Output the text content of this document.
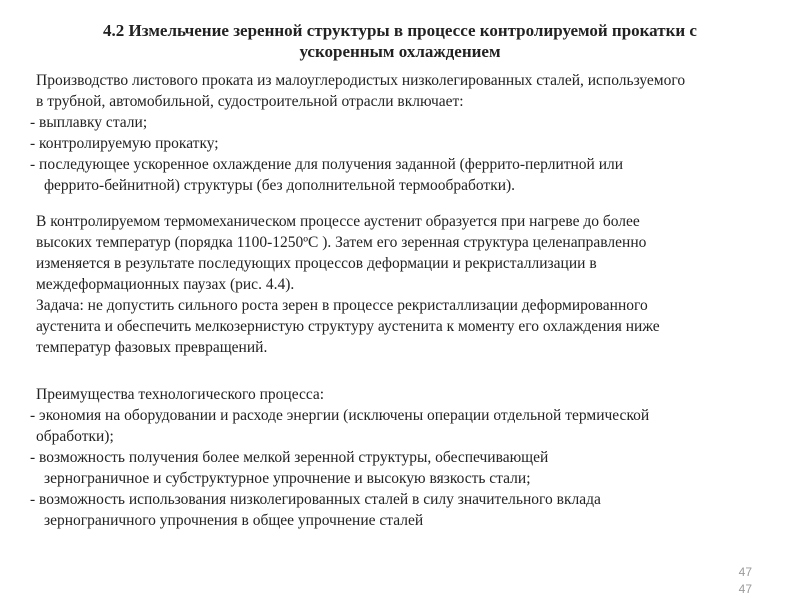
4.2 Измельчение зеренной структуры в процессе контролируемой прокатки с
ускоренным охлаждением
Производство листового проката из малоуглеродистых низколегированных сталей, используемого
в трубной, автомобильной, судостроительной отрасли включает:
- выплавку стали;
- контролируемую прокатку;
- последующее ускоренное охлаждение для получения заданной (феррито-перлитной или
феррито-бейнитной) структуры (без дополнительной термообработки).
В контролируемом термомеханическом процессе аустенит образуется при нагреве до более
высоких температур (порядка 1100-1250ºС ). Затем его зеренная структура целенаправленно
изменяется в результате последующих процессов деформации и рекристаллизации в
междеформационных паузах (рис. 4.4).
Задача: не допустить сильного роста зерен в процессе рекристаллизации деформированного
аустенита и обеспечить мелкозернистую структуру аустенита к моменту его охлаждения ниже
температур фазовых превращений.
Преимущества технологического процесса:
- экономия на оборудовании и расходе энергии (исключены операции отдельной термической
обработки);
- возможность получения более мелкой зеренной структуры, обеспечивающей
зернограничное и субструктурное упрочнение и высокую вязкость стали;
- возможность использования низколегированных сталей в силу значительного вклада
зернограничного упрочнения в общее упрочнение сталей
47
47
